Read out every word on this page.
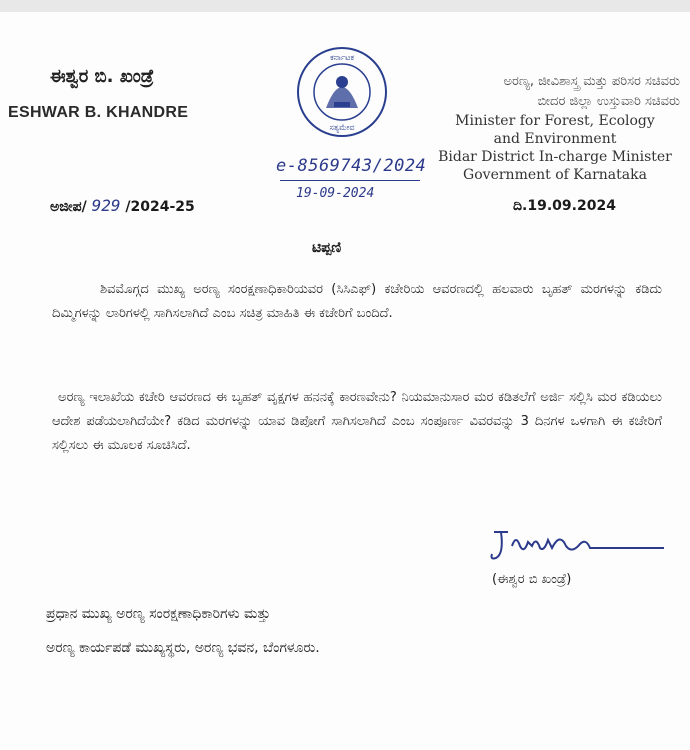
ಈಶ್ವರ ಬಿ. ಖಂಡ್ರೆ
ESHWAR B. KHANDRE
ಕರ್ನಾಟಕ
ಸತ್ಯಮೇವ
ಅರಣ್ಯ, ಜೀವಿಶಾಸ್ತ್ರ ಮತ್ತು ಪರಿಸರ ಸಚಿವರು
ಬೀದರ ಜಿಲ್ಲಾ ಉಸ್ತುವಾರಿ ಸಚಿವರು
Minister for Forest, Ecology
and Environment
Bidar District In-charge Minister
Government of Karnataka
e-8569743/2024
19-09-2024
ಅಜೀಪ/ 929 /2024-25	ದಿ.19.09.2024
ಟಿಪ್ಪಣಿ
ಶಿವಮೊಗ್ಗದ ಮುಖ್ಯ ಅರಣ್ಯ ಸಂರಕ್ಷಣಾಧಿಕಾರಿಯವರ (ಸಿಸಿಎಫ್) ಕಚೇರಿಯ ಆವರಣದಲ್ಲಿ ಹಲವಾರು ಬೃಹತ್ ಮರಗಳನ್ನು ಕಡಿದು ದಿಮ್ಮಿಗಳನ್ನು ಲಾರಿಗಳಲ್ಲಿ ಸಾಗಿಸಲಾಗಿದೆ ಎಂಬ ಸಚಿತ್ರ ಮಾಹಿತಿ ಈ ಕಚೇರಿಗೆ ಬಂದಿದೆ.
ಅರಣ್ಯ ಇಲಾಖೆಯ ಕಚೇರಿ ಆವರಣದ ಈ ಬೃಹತ್ ವೃಕ್ಷಗಳ ಹನನಕ್ಕೆ ಕಾರಣವೇನು? ನಿಯಮಾನುಸಾರ ಮರ ಕಡಿತಲೆಗೆ ಅರ್ಜಿ ಸಲ್ಲಿಸಿ ಮರ ಕಡಿಯಲು ಆದೇಶ ಪಡೆಯಲಾಗಿದೆಯೇ? ಕಡಿದ ಮರಗಳನ್ನು ಯಾವ ಡಿಪೋಗೆ ಸಾಗಿಸಲಾಗಿದೆ ಎಂಬ ಸಂಪೂರ್ಣ ವಿವರವನ್ನು 3 ದಿನಗಳ ಒಳಗಾಗಿ ಈ ಕಚೇರಿಗೆ ಸಲ್ಲಿಸಲು ಈ ಮೂಲಕ ಸೂಚಿಸಿದೆ.
(ಈಶ್ವರ ಬಿ ಖಂಡ್ರೆ)
ಪ್ರಧಾನ ಮುಖ್ಯ ಅರಣ್ಯ ಸಂರಕ್ಷಣಾಧಿಕಾರಿಗಳು ಮತ್ತು
ಅರಣ್ಯ ಕಾರ್ಯಪಡೆ ಮುಖ್ಯಸ್ಥರು, ಅರಣ್ಯ ಭವನ, ಬೆಂಗಳೂರು.
